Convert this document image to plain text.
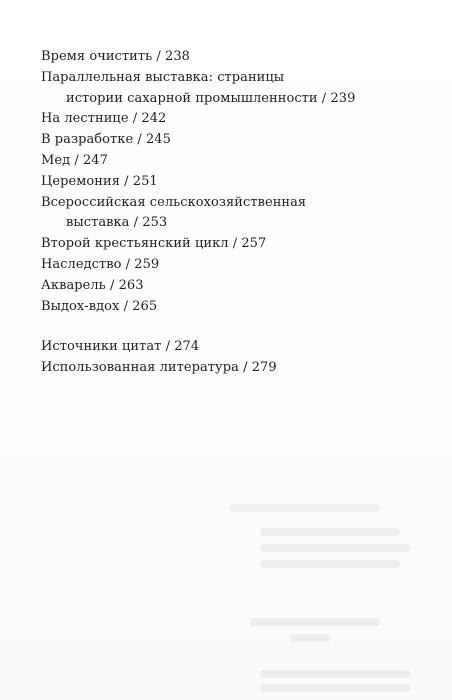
Время очистить / 238
Параллельная выставка: страницы
истории сахарной промышленности / 239
На лестнице / 242
В разработке / 245
Мед / 247
Церемония / 251
Всероссийская сельскохозяйственная
выставка / 253
Второй крестьянский цикл / 257
Наследство / 259
Акварель / 263
Выдох-вдох / 265
Источники цитат / 274
Использованная литература / 279
